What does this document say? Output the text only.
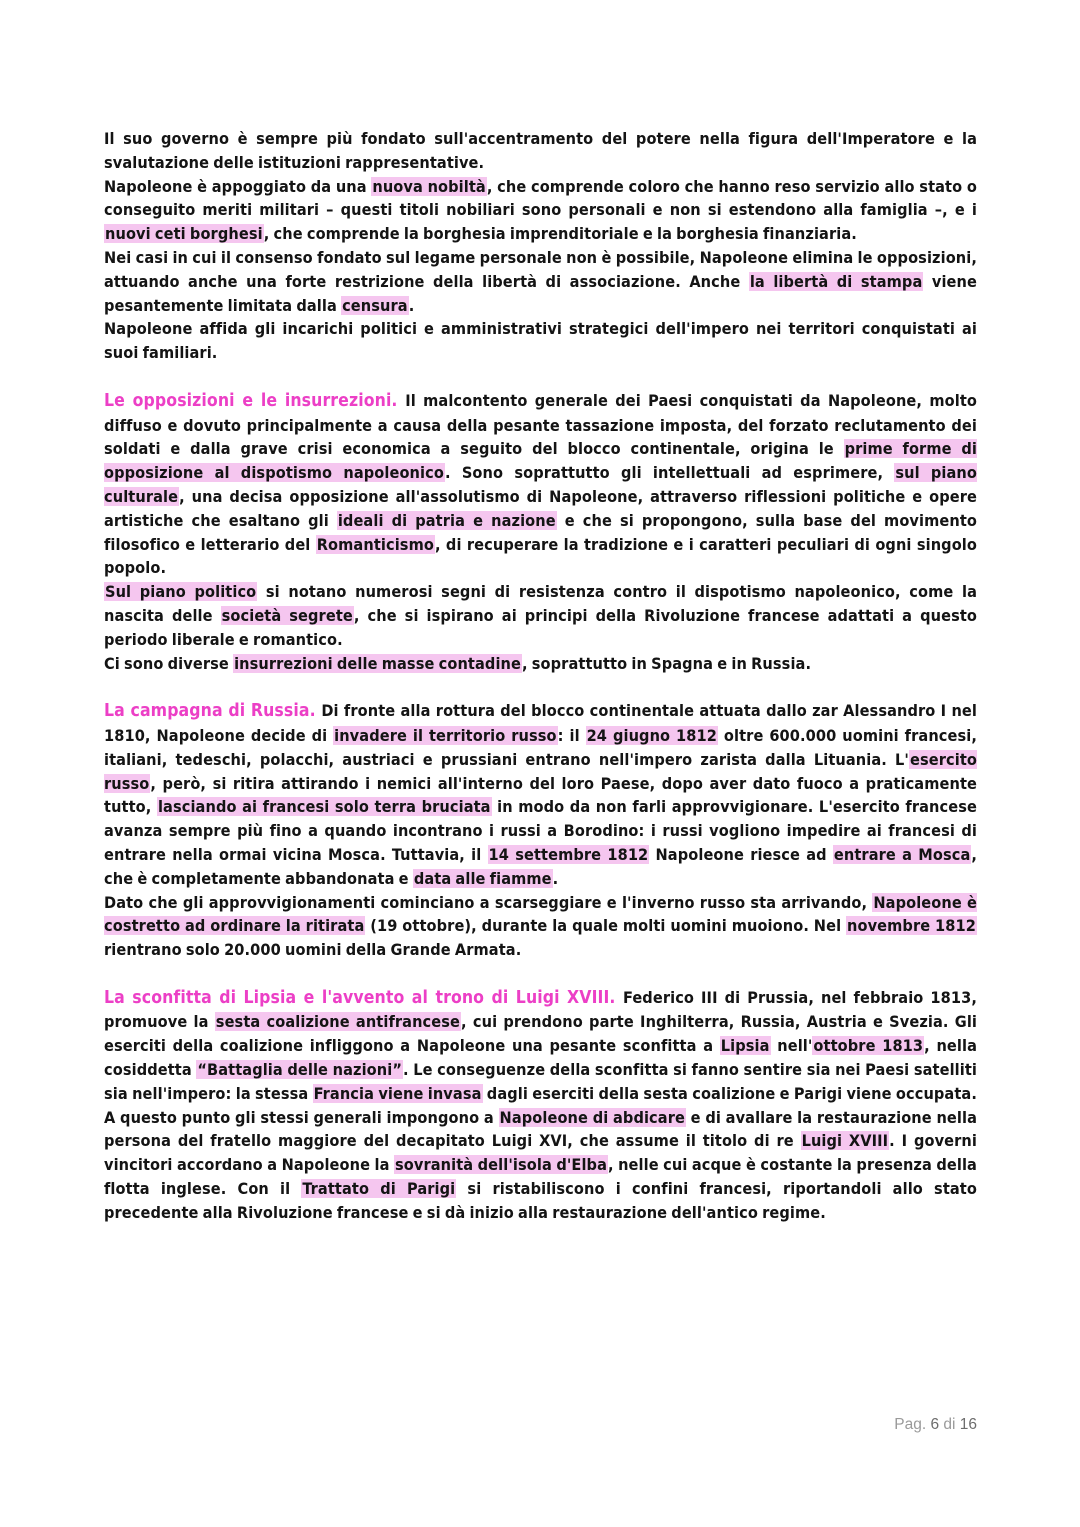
Il suo governo è sempre più fondato sull'accentramento del potere nella figura dell'Imperatore e la svalutazione delle istituzioni rappresentative.

Napoleone è appoggiato da una nuova nobiltà, che comprende coloro che hanno reso servizio allo stato o conseguito meriti militari – questi titoli nobiliari sono personali e non si estendono alla famiglia –, e i nuovi ceti borghesi, che comprende la borghesia imprenditoriale e la borghesia finanziaria.

Nei casi in cui il consenso fondato sul legame personale non è possibile, Napoleone elimina le opposizioni, attuando anche una forte restrizione della libertà di associazione. Anche la libertà di stampa viene pesantemente limitata dalla censura.

Napoleone affida gli incarichi politici e amministrativi strategici dell'impero nei territori conquistati ai suoi familiari.

Le opposizioni e le insurrezioni. Il malcontento generale dei Paesi conquistati da Napoleone, molto diffuso e dovuto principalmente a causa della pesante tassazione imposta, del forzato reclutamento dei soldati e dalla grave crisi economica a seguito del blocco continentale, origina le prime forme di opposizione al dispotismo napoleonico. Sono soprattutto gli intellettuali ad esprimere, sul piano culturale, una decisa opposizione all'assolutismo di Napoleone, attraverso riflessioni politiche e opere artistiche che esaltano gli ideali di patria e nazione e che si propongono, sulla base del movimento filosofico e letterario del Romanticismo, di recuperare la tradizione e i caratteri peculiari di ogni singolo popolo.

Sul piano politico si notano numerosi segni di resistenza contro il dispotismo napoleonico, come la nascita delle società segrete, che si ispirano ai principi della Rivoluzione francese adattati a questo periodo liberale e romantico.

Ci sono diverse insurrezioni delle masse contadine, soprattutto in Spagna e in Russia.

La campagna di Russia. Di fronte alla rottura del blocco continentale attuata dallo zar Alessandro I nel 1810, Napoleone decide di invadere il territorio russo: il 24 giugno 1812 oltre 600.000 uomini francesi, italiani, tedeschi, polacchi, austriaci e prussiani entrano nell'impero zarista dalla Lituania. L'esercito russo, però, si ritira attirando i nemici all'interno del loro Paese, dopo aver dato fuoco a praticamente tutto, lasciando ai francesi solo terra bruciata in modo da non farli approvvigionare. L'esercito francese avanza sempre più fino a quando incontrano i russi a Borodino: i russi vogliono impedire ai francesi di entrare nella ormai vicina Mosca. Tuttavia, il 14 settembre 1812 Napoleone riesce ad entrare a Mosca, che è completamente abbandonata e data alle fiamme.

Dato che gli approvvigionamenti cominciano a scarseggiare e l'inverno russo sta arrivando, Napoleone è costretto ad ordinare la ritirata (19 ottobre), durante la quale molti uomini muoiono. Nel novembre 1812 rientrano solo 20.000 uomini della Grande Armata.

La sconfitta di Lipsia e l'avvento al trono di Luigi XVIII. Federico III di Prussia, nel febbraio 1813, promuove la sesta coalizione antifrancese, cui prendono parte Inghilterra, Russia, Austria e Svezia. Gli eserciti della coalizione infliggono a Napoleone una pesante sconfitta a Lipsia nell'ottobre 1813, nella cosiddetta “Battaglia delle nazioni”. Le conseguenze della sconfitta si fanno sentire sia nei Paesi satelliti sia nell'impero: la stessa Francia viene invasa dagli eserciti della sesta coalizione e Parigi viene occupata. A questo punto gli stessi generali impongono a Napoleone di abdicare e di avallare la restaurazione nella persona del fratello maggiore del decapitato Luigi XVI, che assume il titolo di re Luigi XVIII. I governi vincitori accordano a Napoleone la sovranità dell'isola d'Elba, nelle cui acque è costante la presenza della flotta inglese. Con il Trattato di Parigi si ristabiliscono i confini francesi, riportandoli allo stato precedente alla Rivoluzione francese e si dà inizio alla restaurazione dell'antico regime.

Pag. 6 di 16
